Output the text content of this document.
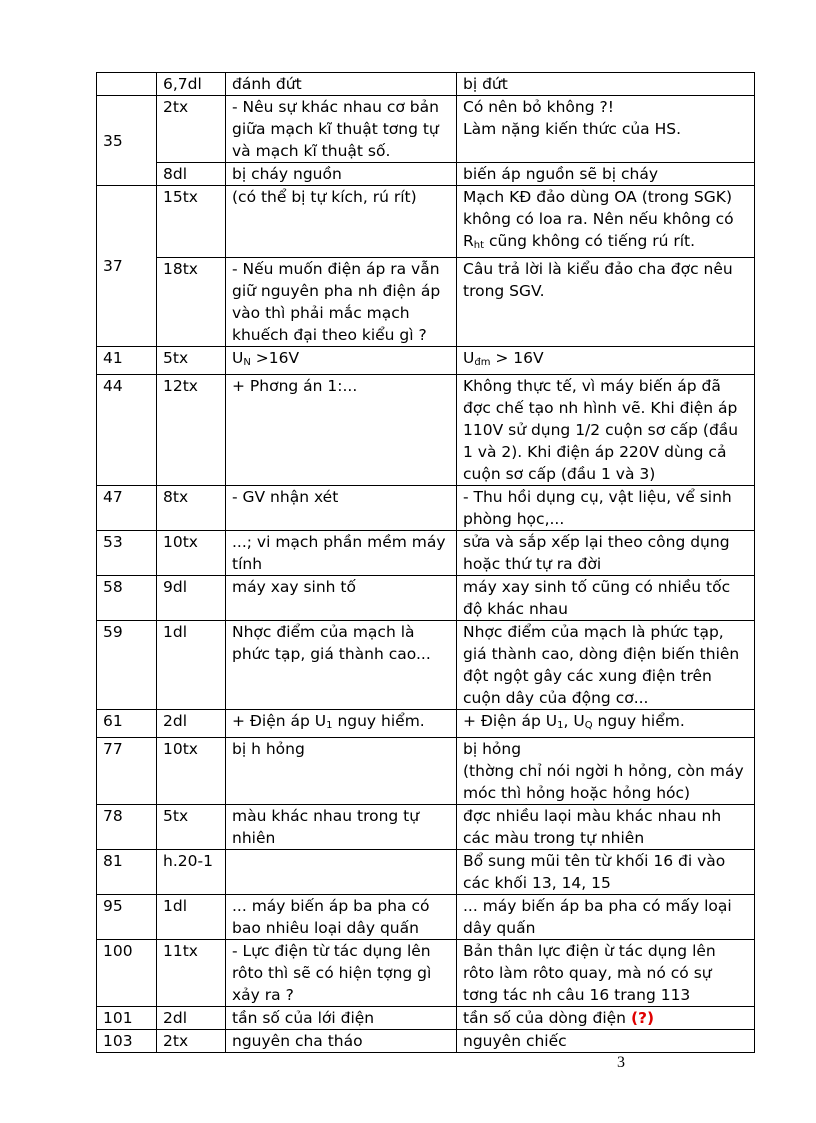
	6,7dl	đánh đứt	bị đứt
35	2tx	- Nêu sự khác nhau cơ bản giữa mạch kĩ thuật tơng tự và mạch kĩ thuật số.	Có nên bỏ không ?!
Làm nặng kiến thức của HS.
	8dl	bị cháy nguồn	biến áp nguồn sẽ bị cháy
37	15tx	(có thể bị tự kích, rú rít)	Mạch KĐ đảo dùng OA (trong SGK) không có loa ra. Nên nếu không có $R_{ht}$ cũng không có tiếng rú rít.
	18tx	- Nếu muốn điện áp ra vẫn giữ nguyên pha nh điện áp vào thì phải mắc mạch khuếch đại theo kiểu gì ?	Câu trả lời là kiểu đảo cha đợc nêu trong SGV.
41	5tx	$U_N >16V$	$U_{đm} > 16V$
44	12tx	+ Phơng án 1:...	Không thực tế, vì máy biến áp đã đợc chế tạo nh hình vẽ. Khi điện áp 110V sử dụng 1/2 cuộn sơ cấp (đầu 1 và 2). Khi điện áp 220V dùng cả cuộn sơ cấp (đầu 1 và 3)
47	8tx	- GV nhận xét	- Thu hồi dụng cụ, vật liệu, vể sinh phòng học,...
53	10tx	...; vi mạch phần mềm máy tính	sửa và sắp xếp lại theo công dụng hoặc thứ tự ra đời
58	9dl	máy xay sinh tố	máy xay sinh tố cũng có nhiều tốc độ khác nhau
59	1dl	Nhợc điểm của mạch là phức tạp, giá thành cao...	Nhợc điểm của mạch là phức tạp, giá thành cao, dòng điện biến thiên đột ngột gây các xung điện trên cuộn dây của động cơ...
61	2dl	+ Điện áp $U_1$ nguy hiểm.	+ Điện áp $U_1$, $U_Q$ nguy hiểm.
77	10tx	bị h hỏng	bị hỏng
(thờng chỉ nói ngời h hỏng, còn máy móc thì hỏng hoặc hỏng hóc)
78	5tx	màu khác nhau trong tự nhiên	đợc nhiều laọi màu khác nhau nh các màu trong tự nhiên
81	h.20-1		Bổ sung mũi tên từ khối 16 đi vào các khối 13, 14, 15
95	1dl	... máy biến áp ba pha có bao nhiêu loại dây quấn	... máy biến áp ba pha có mấy loại dây quấn
100	11tx	- Lực điện từ tác dụng lên rôto thì sẽ có hiện tợng gì xảy ra ?	Bản thân lực điện ừ tác dụng lên rôto làm rôto quay, mà nó có sự tơng tác nh câu 16 trang 113
101	2dl	tần số của lới điện	tần số của dòng điện (?)
103	2tx	nguyên cha tháo	nguyên chiếc
3
